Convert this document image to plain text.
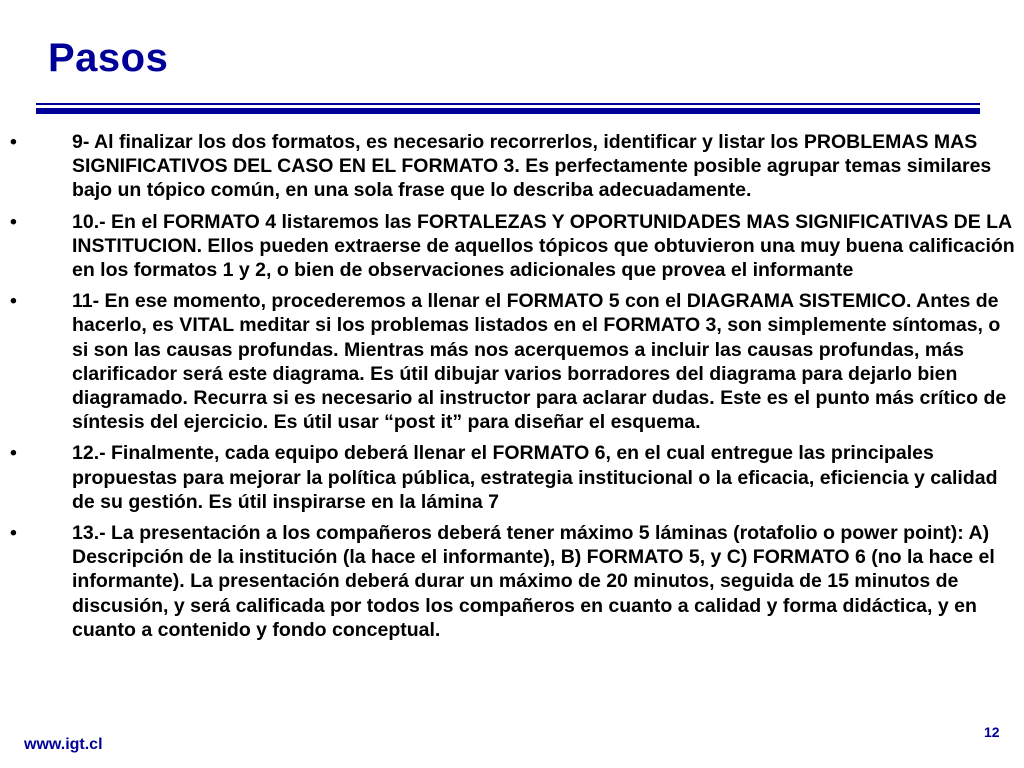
Pasos
•	9- Al finalizar los dos formatos, es necesario recorrerlos, identificar y listar los PROBLEMAS MAS SIGNIFICATIVOS DEL CASO EN EL FORMATO 3. Es perfectamente posible agrupar temas similares bajo un tópico común, en una sola frase que lo describa adecuadamente.
•	10.- En el FORMATO 4 listaremos las FORTALEZAS Y OPORTUNIDADES MAS SIGNIFICATIVAS DE LA INSTITUCION. Ellos pueden extraerse de aquellos tópicos que obtuvieron una muy buena calificación en los formatos 1 y 2, o bien de observaciones adicionales que provea el informante
•	11- En ese momento, procederemos a llenar el FORMATO 5 con el DIAGRAMA SISTEMICO. Antes de hacerlo, es VITAL meditar si los problemas listados en el FORMATO 3, son simplemente síntomas, o si son las causas profundas. Mientras más nos acerquemos a incluir las causas profundas, más clarificador será este diagrama. Es útil dibujar varios borradores del diagrama para dejarlo bien diagramado. Recurra si es necesario al instructor para aclarar dudas. Este es el punto más crítico de síntesis del ejercicio. Es útil usar “post it” para diseñar el esquema.
•	12.- Finalmente, cada equipo deberá llenar el FORMATO 6, en el cual entregue las principales propuestas para mejorar la política pública, estrategia institucional o la eficacia, eficiencia y calidad de su gestión. Es útil inspirarse en la lámina 7
•	13.- La presentación a los compañeros deberá tener máximo 5 láminas (rotafolio o power point): A) Descripción de la institución (la hace el informante), B) FORMATO 5, y C) FORMATO 6 (no la hace el informante). La presentación deberá durar un máximo de 20 minutos, seguida de 15 minutos de discusión, y será calificada por todos los compañeros en cuanto a calidad y forma didáctica, y en cuanto a contenido y fondo conceptual.
www.igt.cl
12
